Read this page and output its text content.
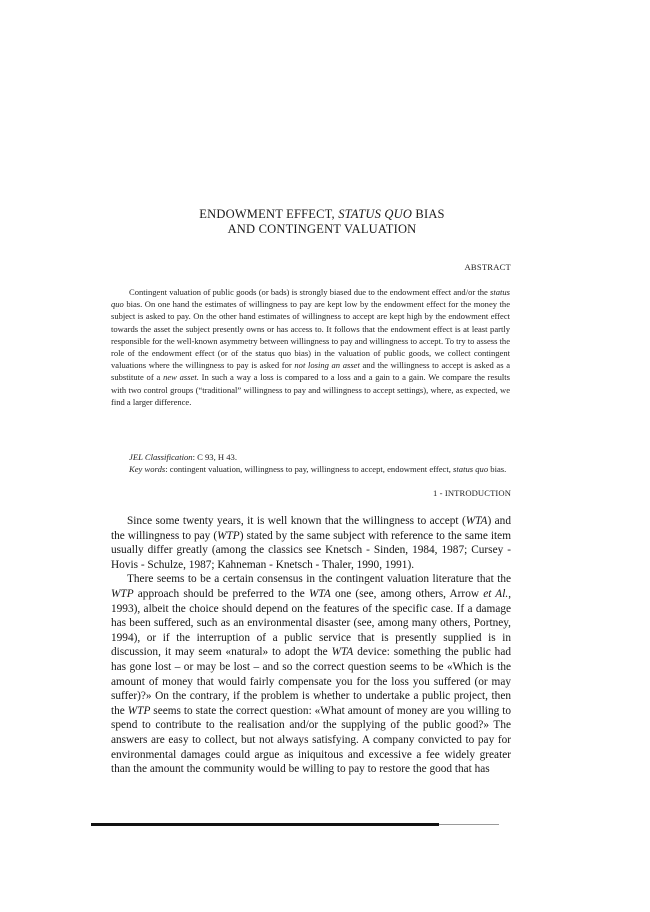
ENDOWMENT EFFECT, STATUS QUO BIAS
AND CONTINGENT VALUATION
ABSTRACT

Contingent valuation of public goods (or bads) is strongly biased due to the endowment effect and/or the status quo bias. On one hand the estimates of willingness to pay are kept low by the endowment effect for the money the subject is asked to pay. On the other hand estimates of willingness to accept are kept high by the endowment effect towards the asset the subject presently owns or has access to. It follows that the endowment effect is at least partly responsible for the well-known asymmetry between willingness to pay and willingness to accept. To try to assess the role of the endowment effect (or of the status quo bias) in the valuation of public goods, we collect contingent valuations where the willingness to pay is asked for not losing an asset and the willingness to accept is asked as a substitute of a new asset. In such a way a loss is compared to a loss and a gain to a gain. We compare the results with two control groups (“traditional” willingness to pay and willingness to accept settings), where, as expected, we find a larger difference.

JEL Classification: C 93, H 43.
Key words: contingent valuation, willingness to pay, willingness to accept, endowment effect, status quo bias.
1 - INTRODUCTION

Since some twenty years, it is well known that the willingness to accept (WTA) and the willingness to pay (WTP) stated by the same subject with reference to the same item usually differ greatly (among the classics see Knetsch - Sinden, 1984, 1987; Cursey - Hovis - Schulze, 1987; Kahneman - Knetsch - Thaler, 1990, 1991).

There seems to be a certain consensus in the contingent valuation literature that the WTP approach should be preferred to the WTA one (see, among others, Arrow et Al., 1993), albeit the choice should depend on the features of the specific case. If a damage has been suffered, such as an environmental disaster (see, among many others, Portney, 1994), or if the interruption of a public service that is presently supplied is in discussion, it may seem «natural» to adopt the WTA device: something the public had has gone lost – or may be lost – and so the correct question seems to be «Which is the amount of money that would fairly compensate you for the loss you suffered (or may suffer)?» On the contrary, if the problem is whether to undertake a public project, then the WTP seems to state the correct question: «What amount of money are you willing to spend to contribute to the realisation and/or the supplying of the public good?» The answers are easy to collect, but not always satisfying. A company convicted to pay for environmental damages could argue as iniquitous and excessive a fee widely greater than the amount the community would be willing to pay to restore the good that has
